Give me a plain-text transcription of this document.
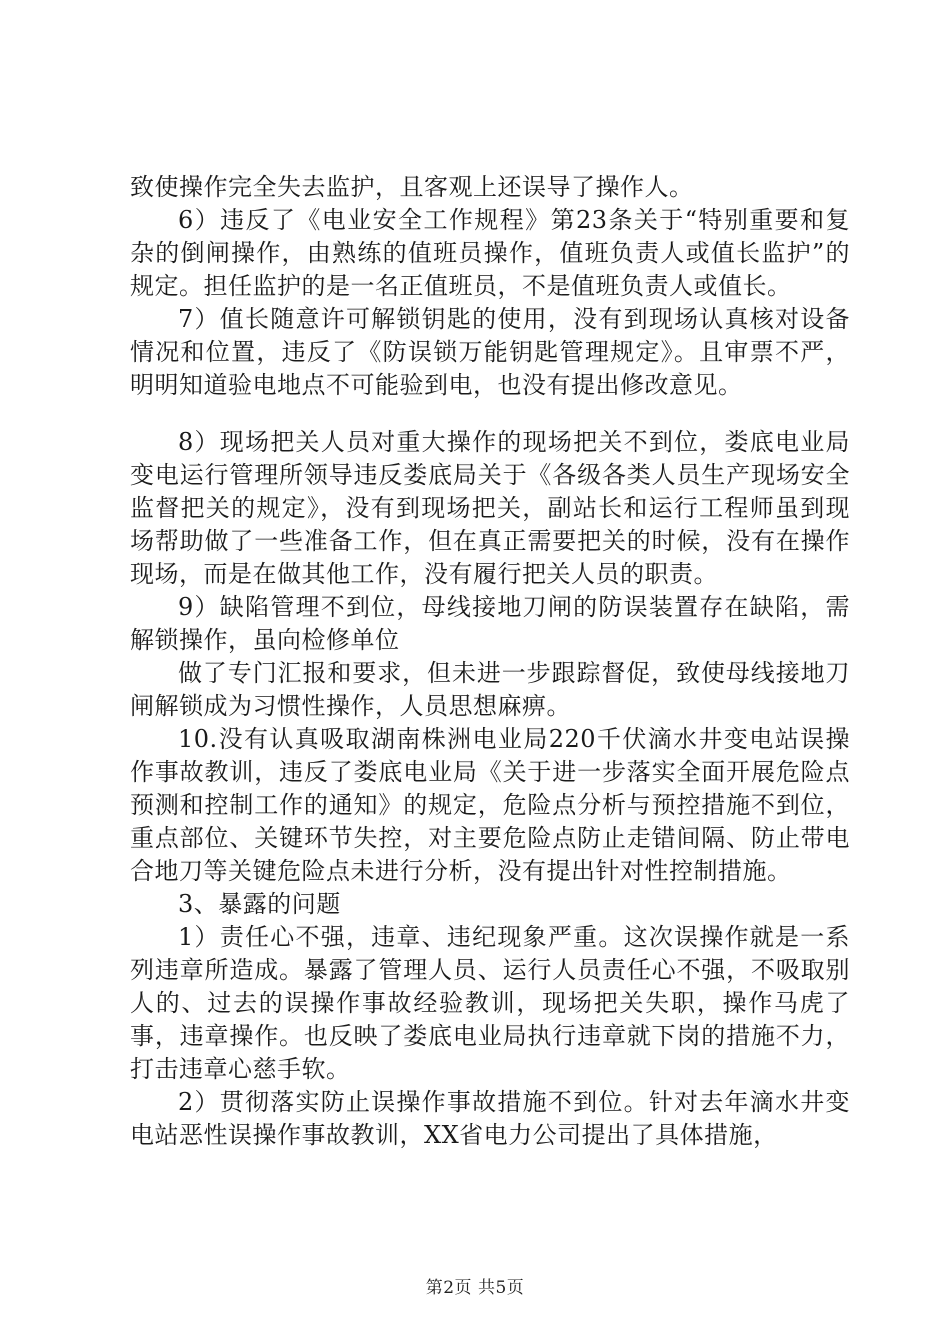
致使操作完全失去监护，且客观上还误导了操作人。

6）违反了《电业安全工作规程》第23条关于“特别重要和复杂的倒闸操作，由熟练的值班员操作，值班负责人或值长监护”的规定。担任监护的是一名正值班员，不是值班负责人或值长。

7）值长随意许可解锁钥匙的使用，没有到现场认真核对设备情况和位置，违反了《防误锁万能钥匙管理规定》。且审票不严，明明知道验电地点不可能验到电，也没有提出修改意见。

8）现场把关人员对重大操作的现场把关不到位，娄底电业局变电运行管理所领导违反娄底局关于《各级各类人员生产现场安全监督把关的规定》，没有到现场把关，副站长和运行工程师虽到现场帮助做了一些准备工作，但在真正需要把关的时候，没有在操作现场，而是在做其他工作，没有履行把关人员的职责。

9）缺陷管理不到位，母线接地刀闸的防误装置存在缺陷，需解锁操作，虽向检修单位

做了专门汇报和要求，但未进一步跟踪督促，致使母线接地刀闸解锁成为习惯性操作，人员思想麻痹。

10.没有认真吸取湖南株洲电业局220千伏滴水井变电站误操作事故教训，违反了娄底电业局《关于进一步落实全面开展危险点预测和控制工作的通知》的规定，危险点分析与预控措施不到位，重点部位、关键环节失控，对主要危险点防止走错间隔、防止带电合地刀等关键危险点未进行分析，没有提出针对性控制措施。

3、暴露的问题

1）责任心不强，违章、违纪现象严重。这次误操作就是一系列违章所造成。暴露了管理人员、运行人员责任心不强，不吸取别人的、过去的误操作事故经验教训，现场把关失职，操作马虎了事，违章操作。也反映了娄底电业局执行违章就下岗的措施不力，打击违章心慈手软。

2）贯彻落实防止误操作事故措施不到位。针对去年滴水井变电站恶性误操作事故教训，XX省电力公司提出了具体措施，

第2页 共5页
